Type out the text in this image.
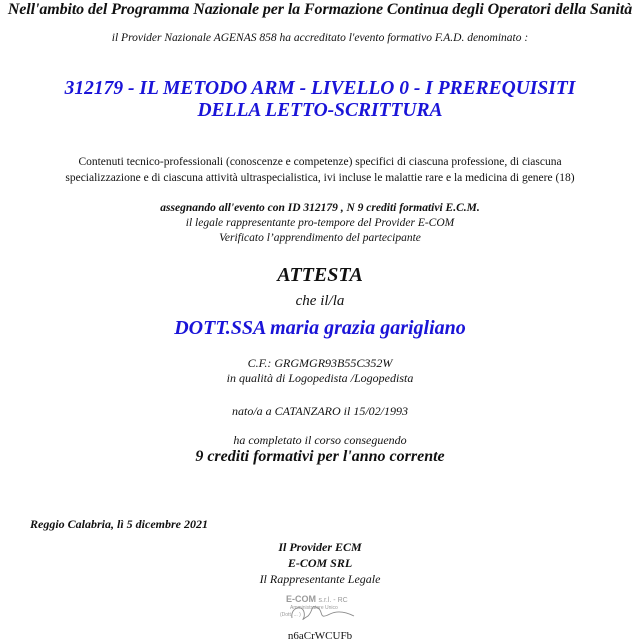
Nell'ambito del Programma Nazionale per la Formazione Continua degli Operatori della Sanità
il Provider Nazionale AGENAS 858 ha accreditato l'evento formativo F.A.D. denominato :
312179 - IL METODO ARM - LIVELLO 0 - I PREREQUISITI
DELLA LETTO-SCRITTURA
Contenuti tecnico-professionali (conoscenze e competenze) specifici di ciascuna professione, di ciascuna
specializzazione e di ciascuna attività ultraspecialistica, ivi incluse le malattie rare e la medicina di genere (18)
assegnando all'evento con ID 312179 , N 9 crediti formativi E.C.M.
il legale rappresentante pro-tempore del Provider E-COM
Verificato l’apprendimento del partecipante
ATTESTA
che il/la
DOTT.SSA maria grazia garigliano
C.F.: GRGMGR93B55C352W
in qualità di Logopedista /Logopedista
nato/a a CATANZARO il 15/02/1993
ha completato il corso conseguendo
9 crediti formativi per l'anno corrente
Reggio Calabria, lì 5 dicembre 2021
Il Provider ECM
E-COM SRL
Il Rappresentante Legale
E-COM s.r.l. - RC
Amministratore Unico
(Dott. ... )
n6aCrWCUFb
